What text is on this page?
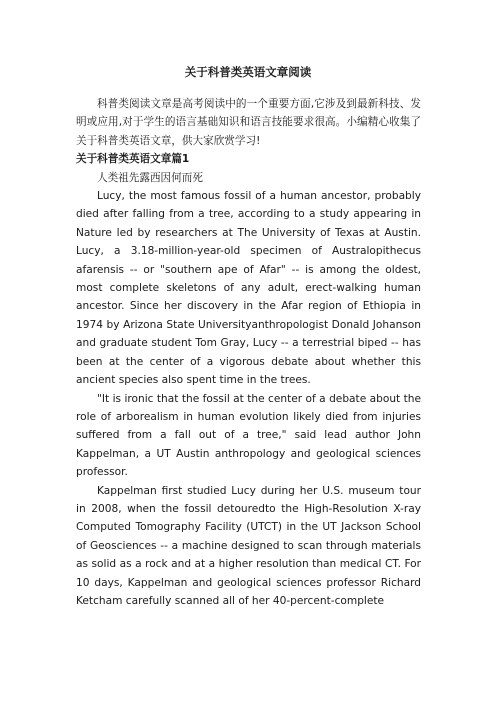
关于科普类英语文章阅读

科普类阅读文章是高考阅读中的一个重要方面,它涉及到最新科技、发明或应用,对于学生的语言基础知识和语言技能要求很高。小编精心收集了关于科普类英语文章，供大家欣赏学习!

关于科普类英语文章篇1

人类祖先露西因何而死

Lucy, the most famous fossil of a human ancestor, probably died after falling from a tree, according to a study appearing in Nature led by researchers at The University of Texas at Austin. Lucy, a 3.18-million-year-old specimen of Australopithecus afarensis -- or "southern ape of Afar" -- is among the oldest, most complete skeletons of any adult, erect-walking human ancestor. Since her discovery in the Afar region of Ethiopia in 1974 by Arizona State Universityanthropologist Donald Johanson and graduate student Tom Gray, Lucy -- a terrestrial biped -- has been at the center of a vigorous debate about whether this ancient species also spent time in the trees.

"It is ironic that the fossil at the center of a debate about the role of arborealism in human evolution likely died from injuries suffered from a fall out of a tree," said lead author John Kappelman, a UT Austin anthropology and geological sciences professor.

Kappelman first studied Lucy during her U.S. museum tour in 2008, when the fossil detouredto the High-Resolution X-ray Computed Tomography Facility (UTCT) in the UT Jackson School of Geosciences -- a machine designed to scan through materials as solid as a rock and at a higher resolution than medical CT. For 10 days, Kappelman and geological sciences professor Richard Ketcham carefully scanned all of her 40-percent-complete
